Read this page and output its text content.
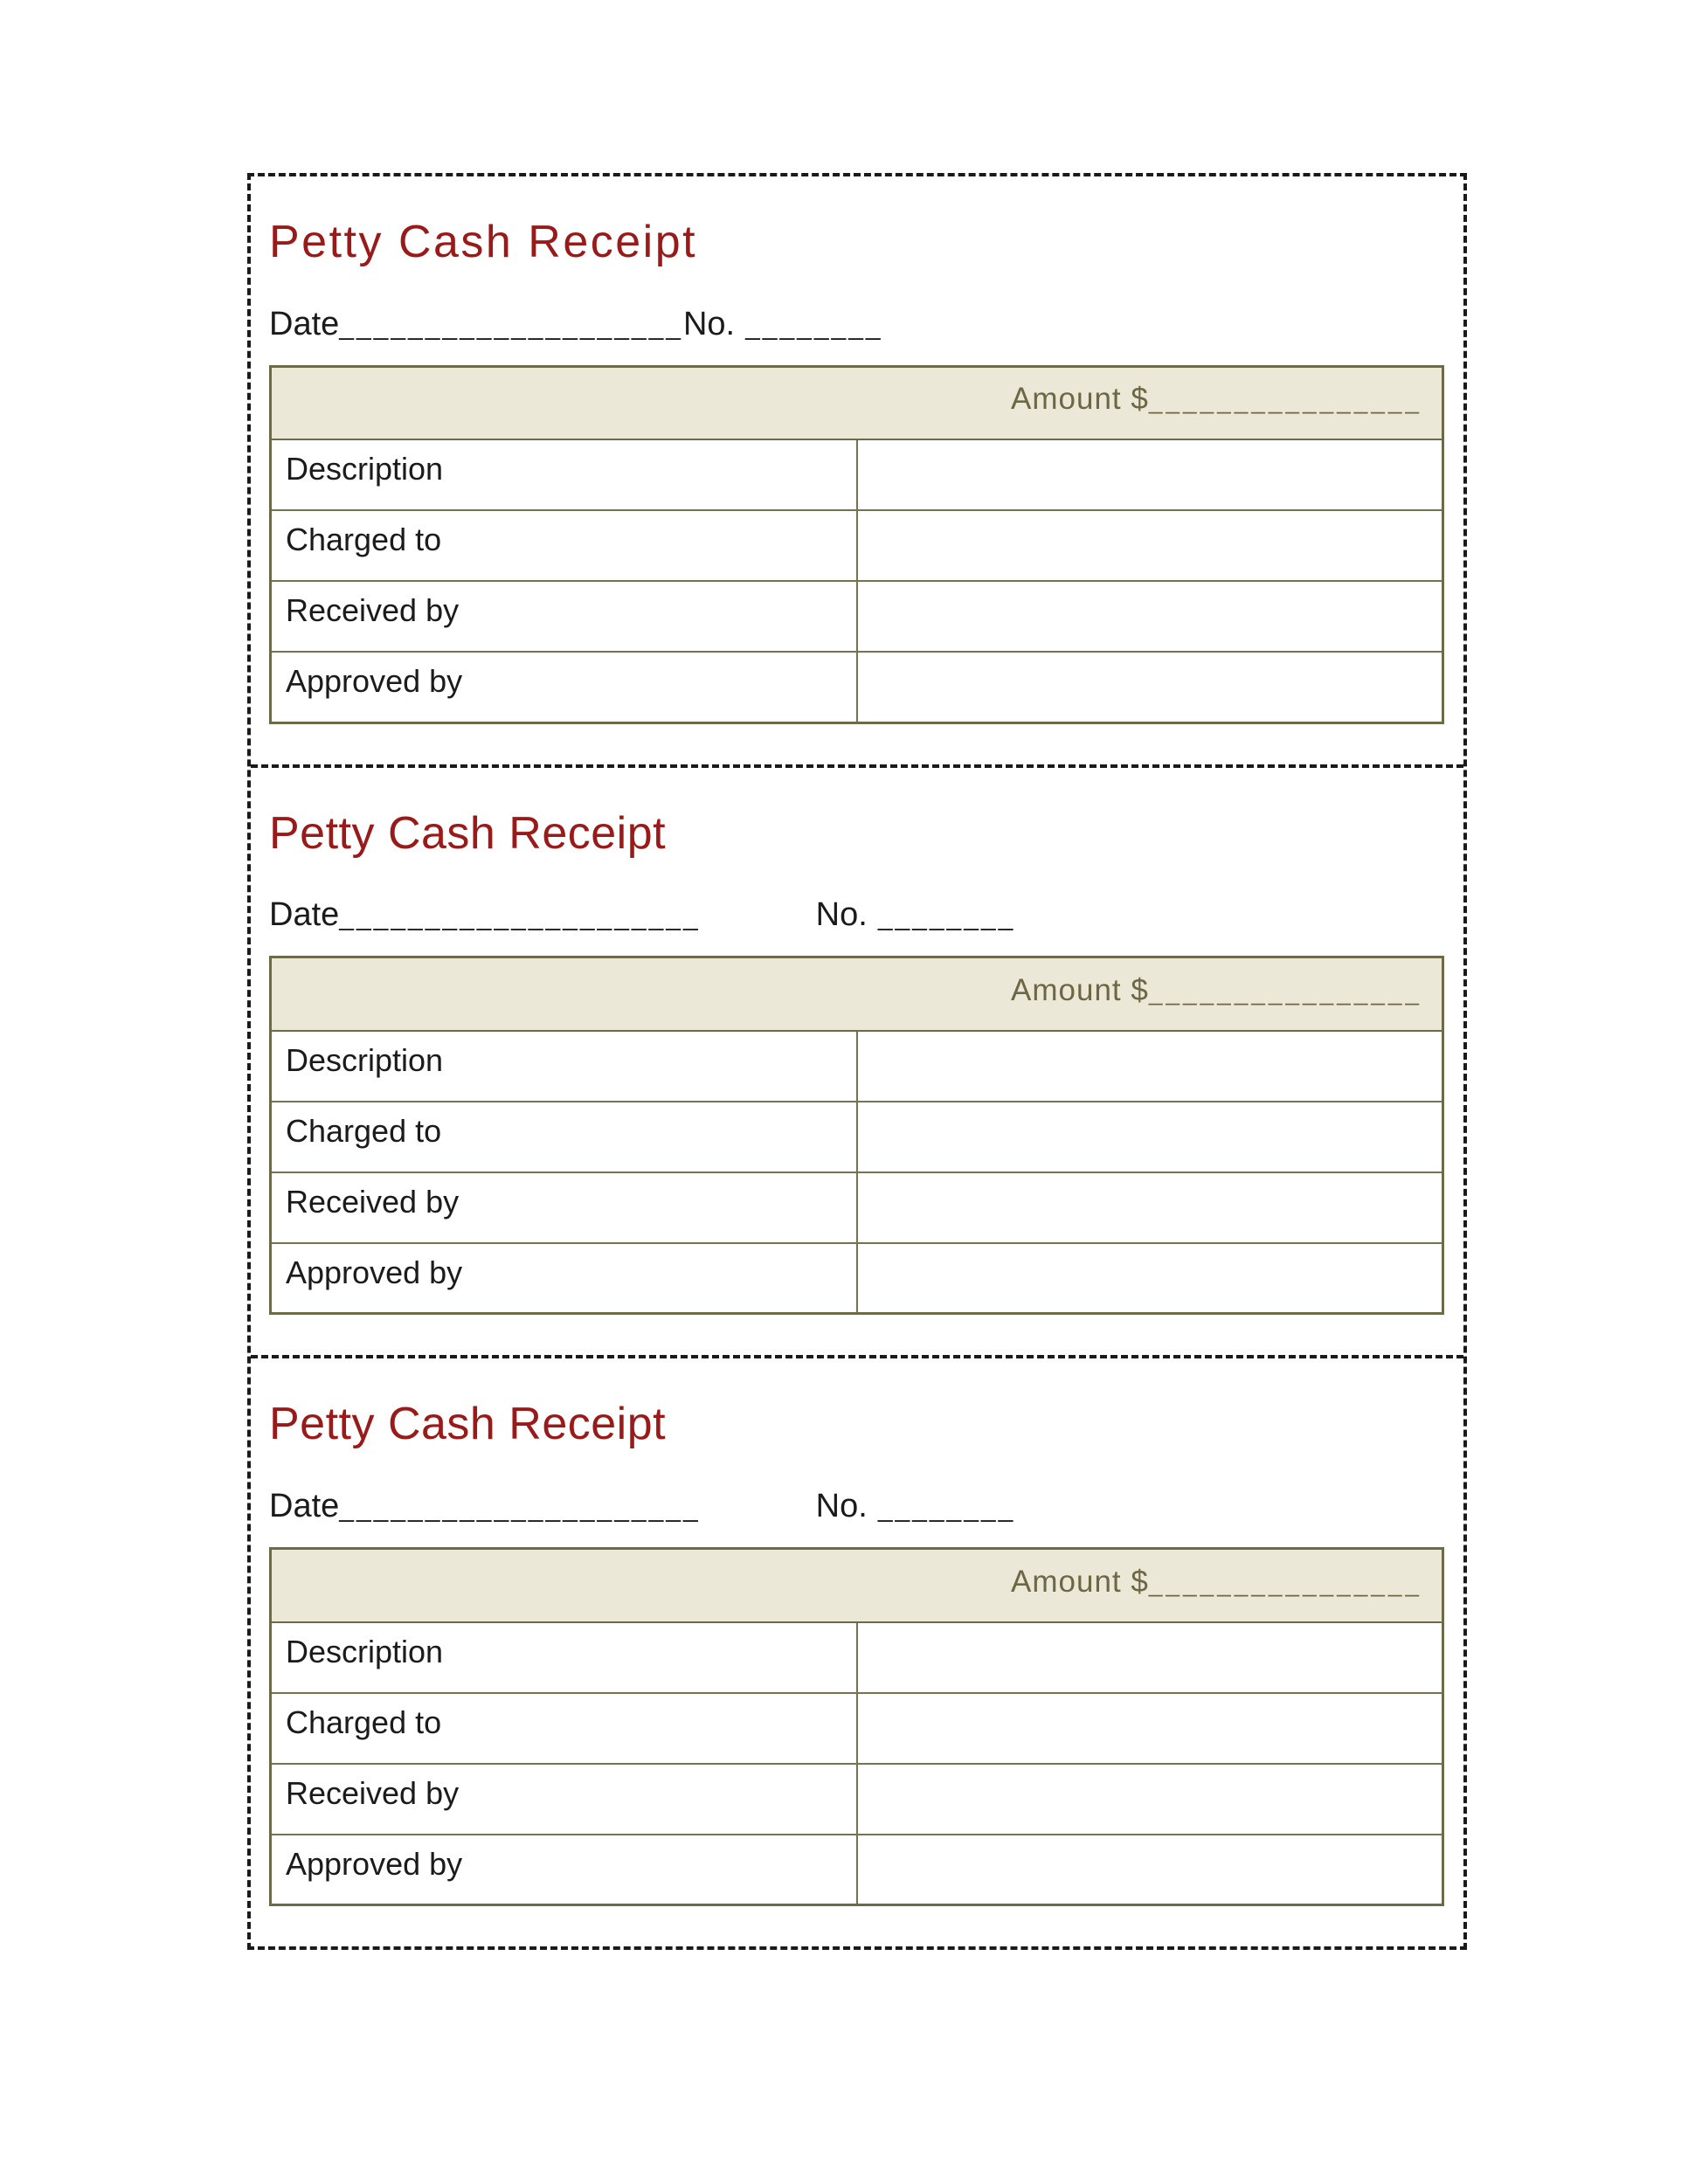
Petty Cash Receipt
Date____________________No. ________
Amount $________________	
Description	
Charged to	
Received by	
Approved by	
Petty Cash Receipt
Date_____________________	No. ________
Amount $________________	
Description	
Charged to	
Received by	
Approved by	
Petty Cash Receipt
Date_____________________	No. ________
Amount $________________	
Description	
Charged to	
Received by	
Approved by	
